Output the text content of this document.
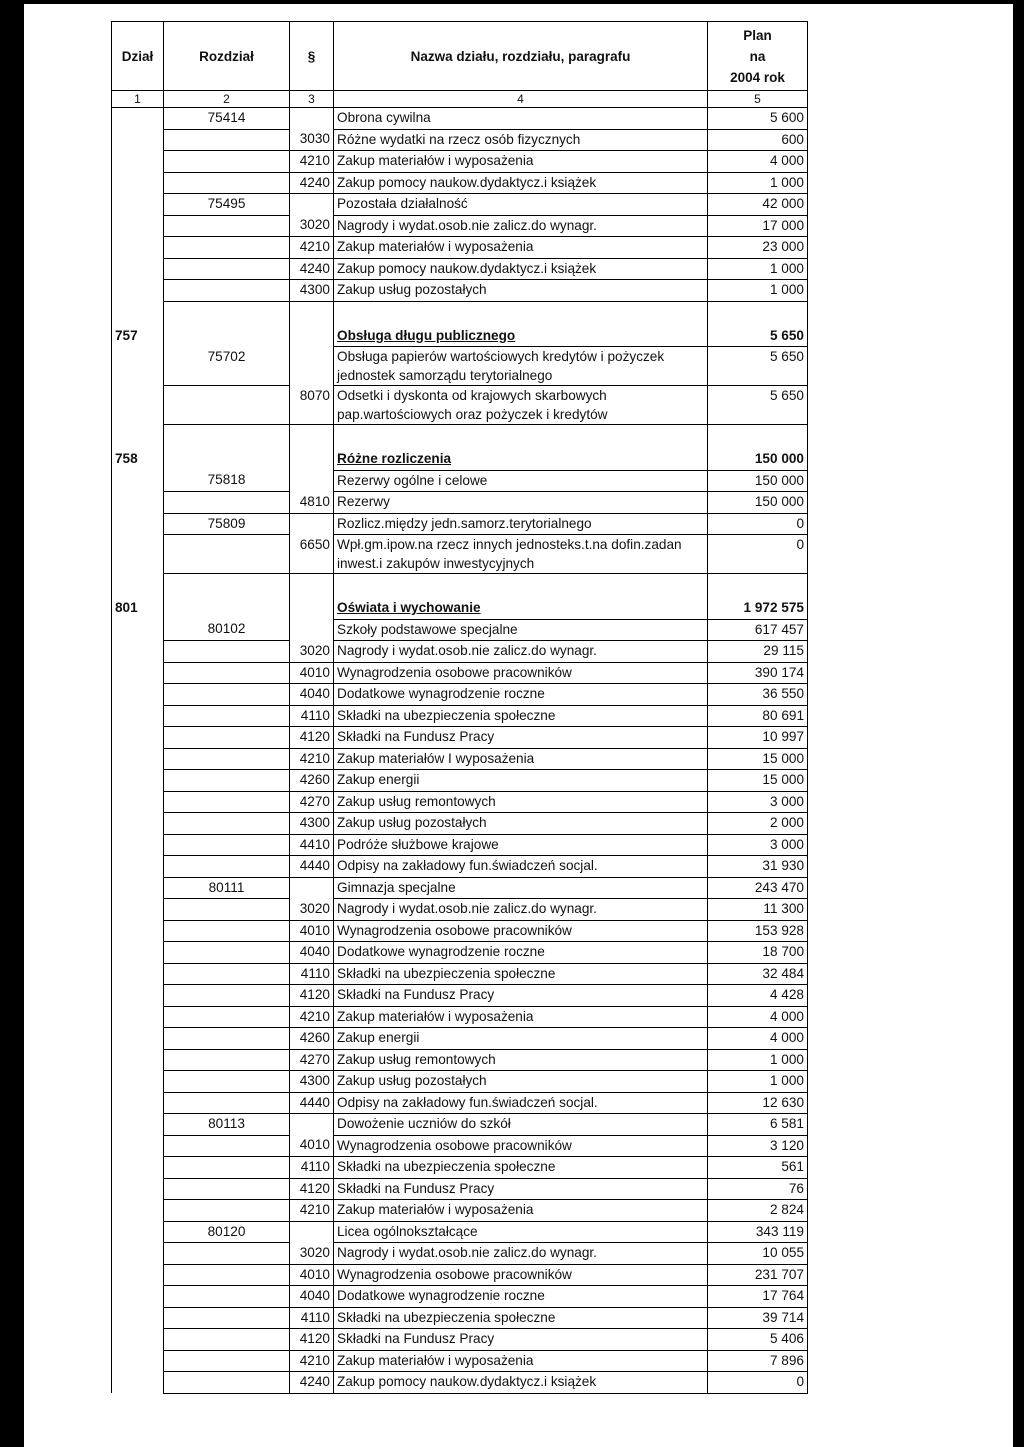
Dział	Rozdział	§	Nazwa działu, rozdziału, paragrafu	Plan
na
2004 rok

1	2	3	4	5
	75414		Obrona cywilna	5 600
		3030	Różne wydatki na rzecz osób fizycznych	600
		4210	Zakup materiałów i wyposażenia	4 000
		4240	Zakup pomocy naukow.dydaktycz.i książek	1 000
	75495		Pozostała działalność	42 000
		3020	Nagrody i wydat.osob.nie zalicz.do wynagr.	17 000
		4210	Zakup materiałów i wyposażenia	23 000
		4240	Zakup pomocy naukow.dydaktycz.i książek	1 000
		4300	Zakup usług pozostałych	1 000

757			Obsługa długu publicznego	5 650
	75702		Obsługa papierów wartościowych kredytów i pożyczek jednostek samorządu terytorialnego	5 650
		8070	Odsetki i dyskonta od krajowych skarbowych pap.wartościowych oraz pożyczek i kredytów	5 650

758			Różne rozliczenia	150 000
	75818		Rezerwy ogólne i celowe	150 000
		4810	Rezerwy	150 000
	75809		Rozlicz.między jedn.samorz.terytorialnego	0
		6650	Wpł.gm.ipow.na rzecz innych jednosteks.t.na dofin.zadan inwest.i zakupów inwestycyjnych	0

801			Oświata i wychowanie	1 972 575
	80102		Szkoły podstawowe specjalne	617 457
		3020	Nagrody i wydat.osob.nie zalicz.do wynagr.	29 115
		4010	Wynagrodzenia osobowe pracowników	390 174
		4040	Dodatkowe wynagrodzenie roczne	36 550
		4110	Składki na ubezpieczenia społeczne	80 691
		4120	Składki na Fundusz Pracy	10 997
		4210	Zakup materiałów I wyposażenia	15 000
		4260	Zakup energii	15 000
		4270	Zakup usług remontowych	3 000
		4300	Zakup usług pozostałych	2 000
		4410	Podróże służbowe krajowe	3 000
		4440	Odpisy na zakładowy fun.świadczeń socjal.	31 930
	80111		Gimnazja specjalne	243 470
		3020	Nagrody i wydat.osob.nie zalicz.do wynagr.	11 300
		4010	Wynagrodzenia osobowe pracowników	153 928
		4040	Dodatkowe wynagrodzenie roczne	18 700
		4110	Składki na ubezpieczenia społeczne	32 484
		4120	Składki na Fundusz Pracy	4 428
		4210	Zakup materiałów i wyposażenia	4 000
		4260	Zakup energii	4 000
		4270	Zakup usług remontowych	1 000
		4300	Zakup usług pozostałych	1 000
		4440	Odpisy na zakładowy fun.świadczeń socjal.	12 630
	80113		Dowożenie uczniów do szkół	6 581
		4010	Wynagrodzenia osobowe pracowników	3 120
		4110	Składki na ubezpieczenia społeczne	561
		4120	Składki na Fundusz Pracy	76
		4210	Zakup materiałów i wyposażenia	2 824
	80120		Licea ogólnokształcące	343 119
		3020	Nagrody i wydat.osob.nie zalicz.do wynagr.	10 055
		4010	Wynagrodzenia osobowe pracowników	231 707
		4040	Dodatkowe wynagrodzenie roczne	17 764
		4110	Składki na ubezpieczenia społeczne	39 714
		4120	Składki na Fundusz Pracy	5 406
		4210	Zakup materiałów i wyposażenia	7 896
		4240	Zakup pomocy naukow.dydaktycz.i książek	0
